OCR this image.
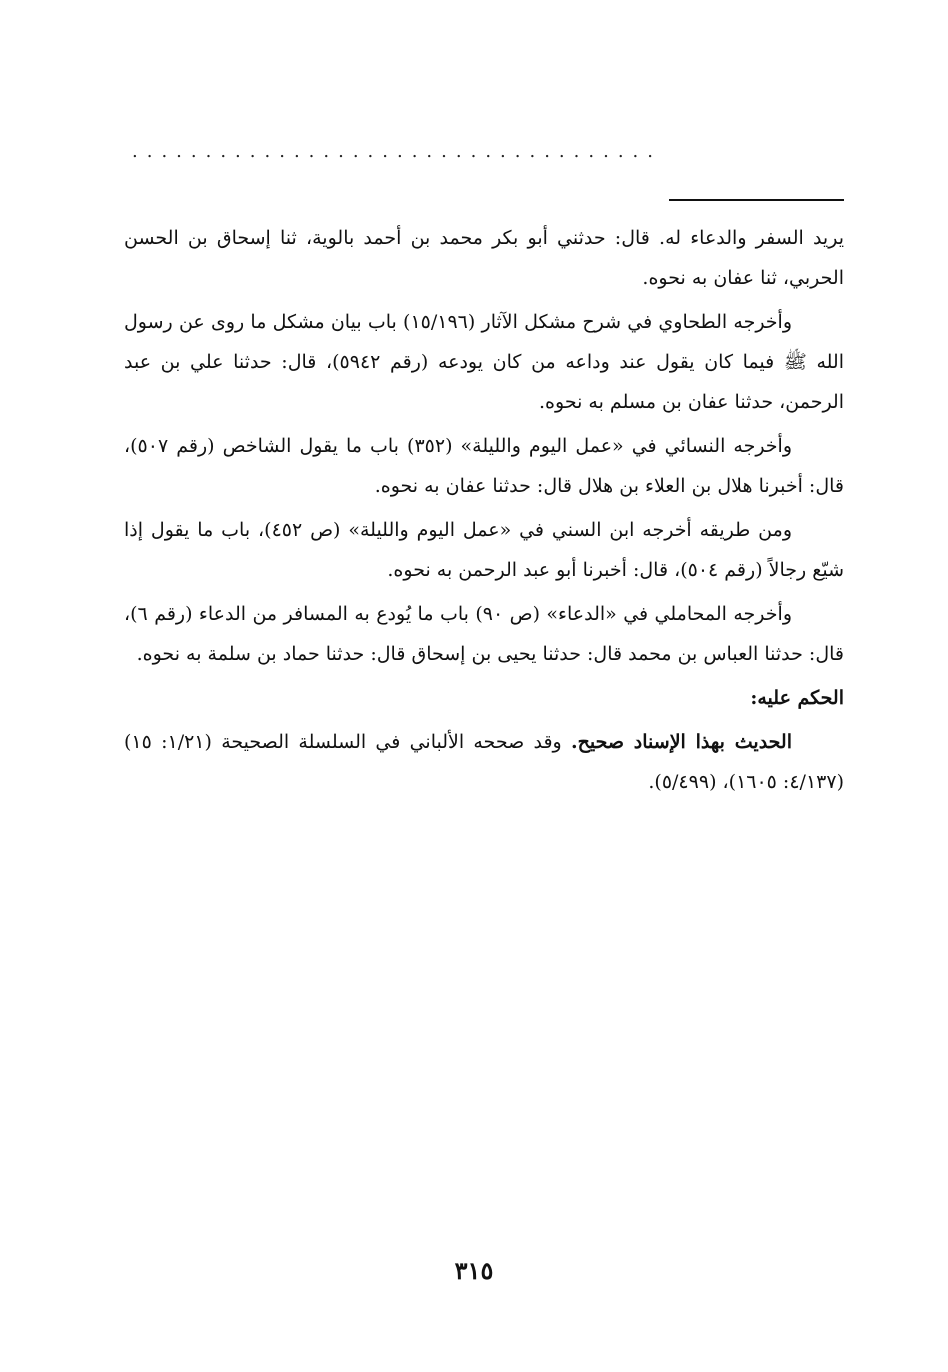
....................................

يريد السفر والدعاء له. قال: حدثني أبو بكر محمد بن أحمد بالوية، ثنا إسحاق بن الحسن الحربي، ثنا عفان به نحوه.

وأخرجه الطحاوي في شرح مشكل الآثار (١٥/١٩٦) باب بيان مشكل ما روى عن رسول الله ﷺ فيما كان يقول عند وداعه من كان يودعه (رقم ٥٩٤٢)، قال: حدثنا علي بن عبد الرحمن، حدثنا عفان بن مسلم به نحوه.

وأخرجه النسائي في «عمل اليوم والليلة» (٣٥٢) باب ما يقول الشاخص (رقم ٥٠٧)، قال: أخبرنا هلال بن العلاء بن هلال قال: حدثنا عفان به نحوه.

ومن طريقه أخرجه ابن السني في «عمل اليوم والليلة» (ص ٤٥٢)، باب ما يقول إذا شيّع رجالاً (رقم ٥٠٤)، قال: أخبرنا أبو عبد الرحمن به نحوه.

وأخرجه المحاملي في «الدعاء» (ص ٩٠) باب ما يُودع به المسافر من الدعاء (رقم ٦)، قال: حدثنا العباس بن محمد قال: حدثنا يحيى بن إسحاق قال: حدثنا حماد بن سلمة به نحوه.

الحكم عليه:

الحديث بهذا الإسناد صحيح. وقد صححه الألباني في السلسلة الصحيحة (١/٢١: ١٥) (٤/١٣٧: ١٦٠٥)، (٥/٤٩٩).

٣١٥
